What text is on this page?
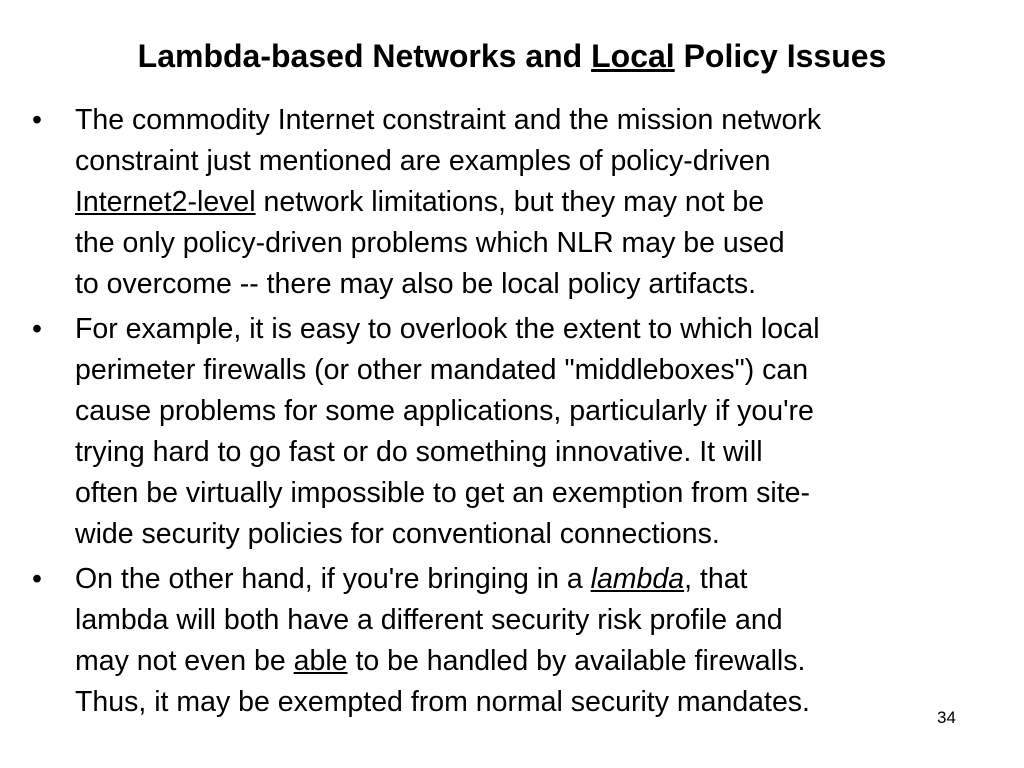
Lambda-based Networks and Local Policy Issues
• The commodity Internet constraint and the mission network
constraint just mentioned are examples of policy-driven
Internet2-level network limitations, but they may not be
the only policy-driven problems which NLR may be used
to overcome -- there may also be local policy artifacts.
• For example, it is easy to overlook the extent to which local
perimeter firewalls (or other mandated "middleboxes") can
cause problems for some applications, particularly if you're
trying hard to go fast or do something innovative. It will
often be virtually impossible to get an exemption from site-
wide security policies for conventional connections.
• On the other hand, if you're bringing in a lambda, that
lambda will both have a different security risk profile and
may not even be able to be handled by available firewalls.
Thus, it may be exempted from normal security mandates.	34
